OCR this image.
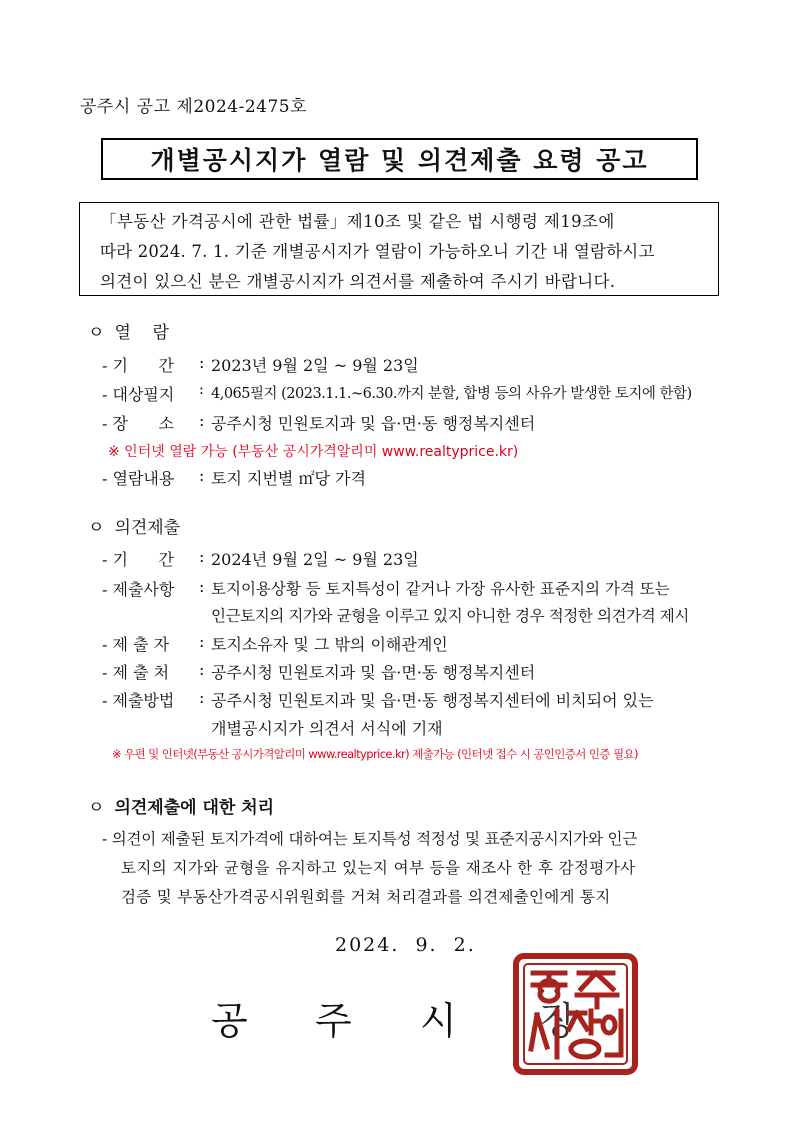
공주시 공고 제2024-2475호
개별공시지가 열람 및 의견제출 요령 공고
「부동산 가격공시에 관한 법률」제10조 및 같은 법 시행령 제19조에
따라 2024. 7. 1. 기준 개별공시지가 열람이 가능하오니 기간 내 열람하시고
의견이 있으신 분은 개별공시지가 의견서를 제출하여 주시기 바랍니다.
ㅇ 열    람
- 기      간	: 2023년 9월 2일 ~ 9월 23일
- 대상필지	: 4,065필지 (2023.1.1.~6.30.까지 분할, 합병 등의 사유가 발생한 토지에 한함)
- 장      소	: 공주시청 민원토지과 및 읍·면·동 행정복지센터
※ 인터넷 열람 가능 (부동산 공시가격알리미 www.realtyprice.kr)
- 열람내용	: 토지 지번별 ㎡당 가격
ㅇ 의견제출
- 기      간	: 2024년 9월 2일 ~ 9월 23일
- 제출사항	: 토지이용상황 등 토지특성이 같거나 가장 유사한 표준지의 가격 또는
인근토지의 지가와 균형을 이루고 있지 아니한 경우 적정한 의견가격 제시
- 제 출 자	: 토지소유자 및 그 밖의 이해관계인
- 제 출 처	: 공주시청 민원토지과 및 읍·면·동 행정복지센터
- 제출방법	: 공주시청 민원토지과 및 읍·면·동 행정복지센터에 비치되어 있는
개별공시지가 의견서 서식에 기재
※ 우편 및 인터넷(부동산 공시가격알리미 www.realtyprice.kr) 제출가능 (인터넷 접수 시 공인인증서 인증 필요)
ㅇ 의견제출에 대한 처리
- 의견이 제출된 토지가격에 대하여는 토지특성 적정성 및 표준지공시지가와 인근
토지의 지가와 균형을 유지하고 있는지 여부 등을 재조사 한 후 감정평가사
검증 및 부동산가격공시위원회를 거쳐 처리결과를 의견제출인에게 통지
2024.  9.  2.
공 주 시 장
